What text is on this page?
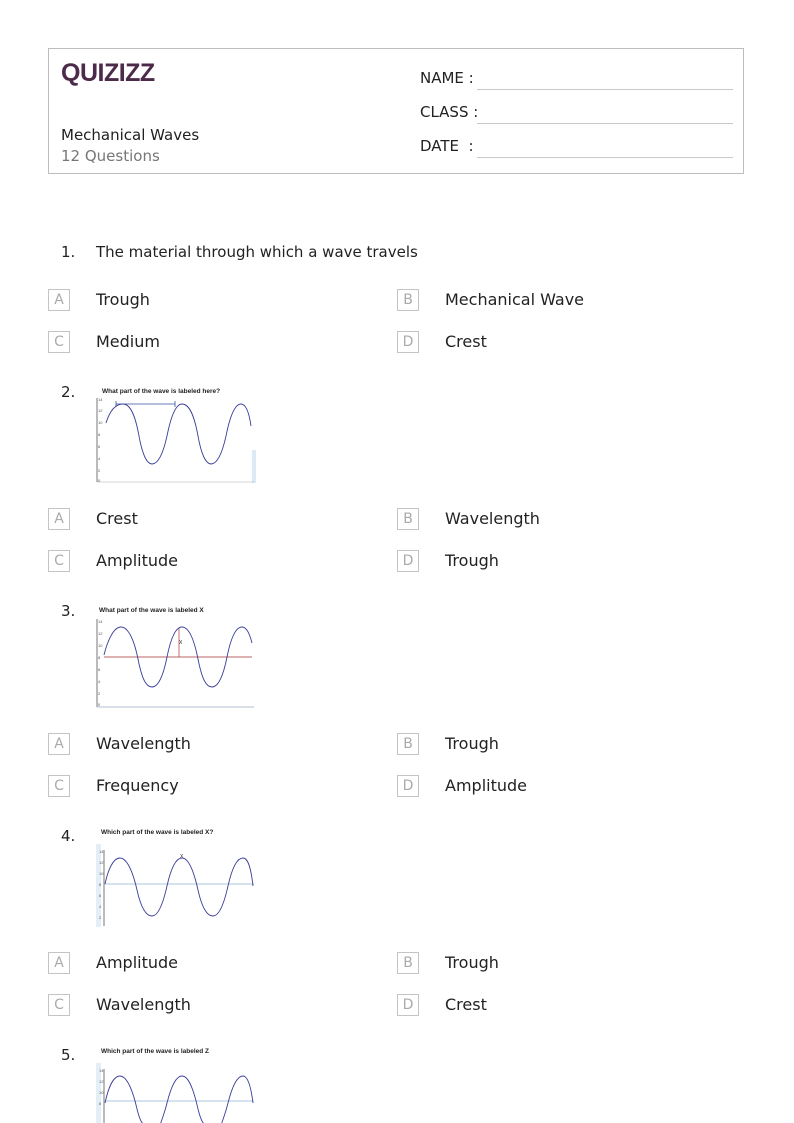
QUIZIZZ
Mechanical Waves
12 Questions
NAME :
CLASS :
DATE  :
1. The material through which a wave travels
A	Trough	B	Mechanical Wave
C	Medium	D	Crest
2.	What part of the wave is labeled here?
14
12
10
8
6
4
2
0
A	Crest	B	Wavelength
C	Amplitude	D	Trough
3.	What part of the wave is labeled X
14
12
10
8
6
4
2
0
X
A	Wavelength	B	Trough
C	Frequency	D	Amplitude
4.	Which part of the wave is labeled X?
14
12
10
8
6
4
2
X
A	Amplitude	B	Trough
C	Wavelength	D	Crest
5.	Which part of the wave is labeled Z
14
12
10
8
